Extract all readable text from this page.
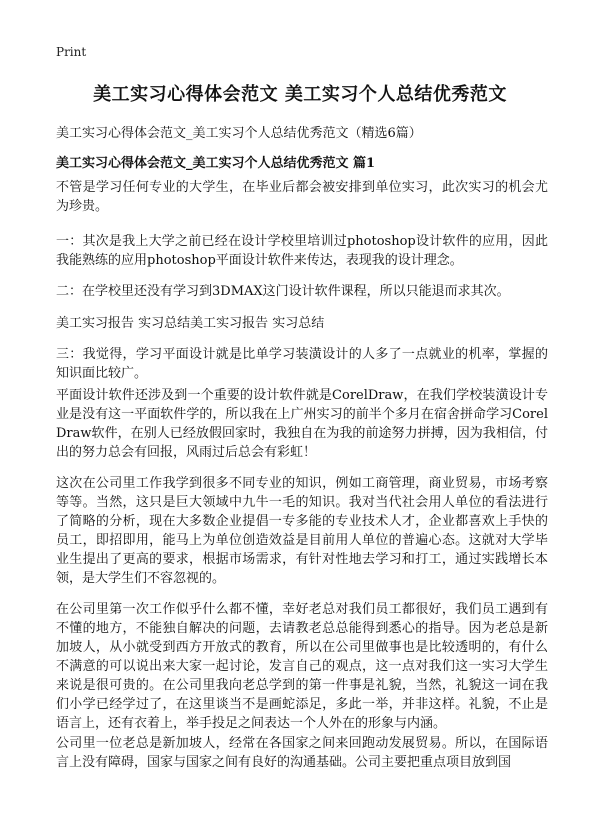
Print
美工实习心得体会范文 美工实习个人总结优秀范文
美工实习心得体会范文_美工实习个人总结优秀范文（精选6篇）
美工实习心得体会范文_美工实习个人总结优秀范文 篇1

不管是学习任何专业的大学生，在毕业后都会被安排到单位实习，此次实习的机会尤为珍贵。

一：其次是我上大学之前已经在设计学校里培训过photoshop设计软件的应用，因此我能熟练的应用photoshop平面设计软件来传达，表现我的设计理念。

二：在学校里还没有学习到3DMAX这门设计软件课程，所以只能退而求其次。

美工实习报告 实习总结美工实习报告 实习总结

三：我觉得，学习平面设计就是比单学习装潢设计的人多了一点就业的机率，掌握的知识面比较广。

平面设计软件还涉及到一个重要的设计软件就是CorelDraw，在我们学校装潢设计专业是没有这一平面软件学的，所以我在上广州实习的前半个多月在宿舍拼命学习CorelDraw软件，在别人已经放假回家时，我独自在为我的前途努力拼搏，因为我相信，付出的努力总会有回报，风雨过后总会有彩虹！

这次在公司里工作我学到很多不同专业的知识，例如工商管理，商业贸易，市场考察等等。当然，这只是巨大领域中九牛一毛的知识。我对当代社会用人单位的看法进行了简略的分析，现在大多数企业提倡一专多能的专业技术人才，企业都喜欢上手快的员工，即招即用，能马上为单位创造效益是目前用人单位的普遍心态。这就对大学毕业生提出了更高的要求，根据市场需求，有针对性地去学习和打工，通过实践增长本领，是大学生们不容忽视的。

在公司里第一次工作似乎什么都不懂，幸好老总对我们员工都很好，我们员工遇到有不懂的地方，不能独自解决的问题，去请教老总总能得到悉心的指导。因为老总是新加坡人，从小就受到西方开放式的教育，所以在公司里做事也是比较透明的，有什么不满意的可以说出来大家一起讨论，发言自己的观点，这一点对我们这一实习大学生来说是很可贵的。在公司里我向老总学到的第一件事是礼貌，当然，礼貌这一词在我们小学已经学过了，在这里谈当不是画蛇添足，多此一举，并非这样。礼貌，不止是语言上，还有衣着上，举手投足之间表达一个人外在的形象与内涵。

公司里一位老总是新加坡人，经常在各国家之间来回跑动发展贸易。所以，在国际语言上没有障碍，国家与国家之间有良好的沟通基础。公司主要把重点项目放到国
